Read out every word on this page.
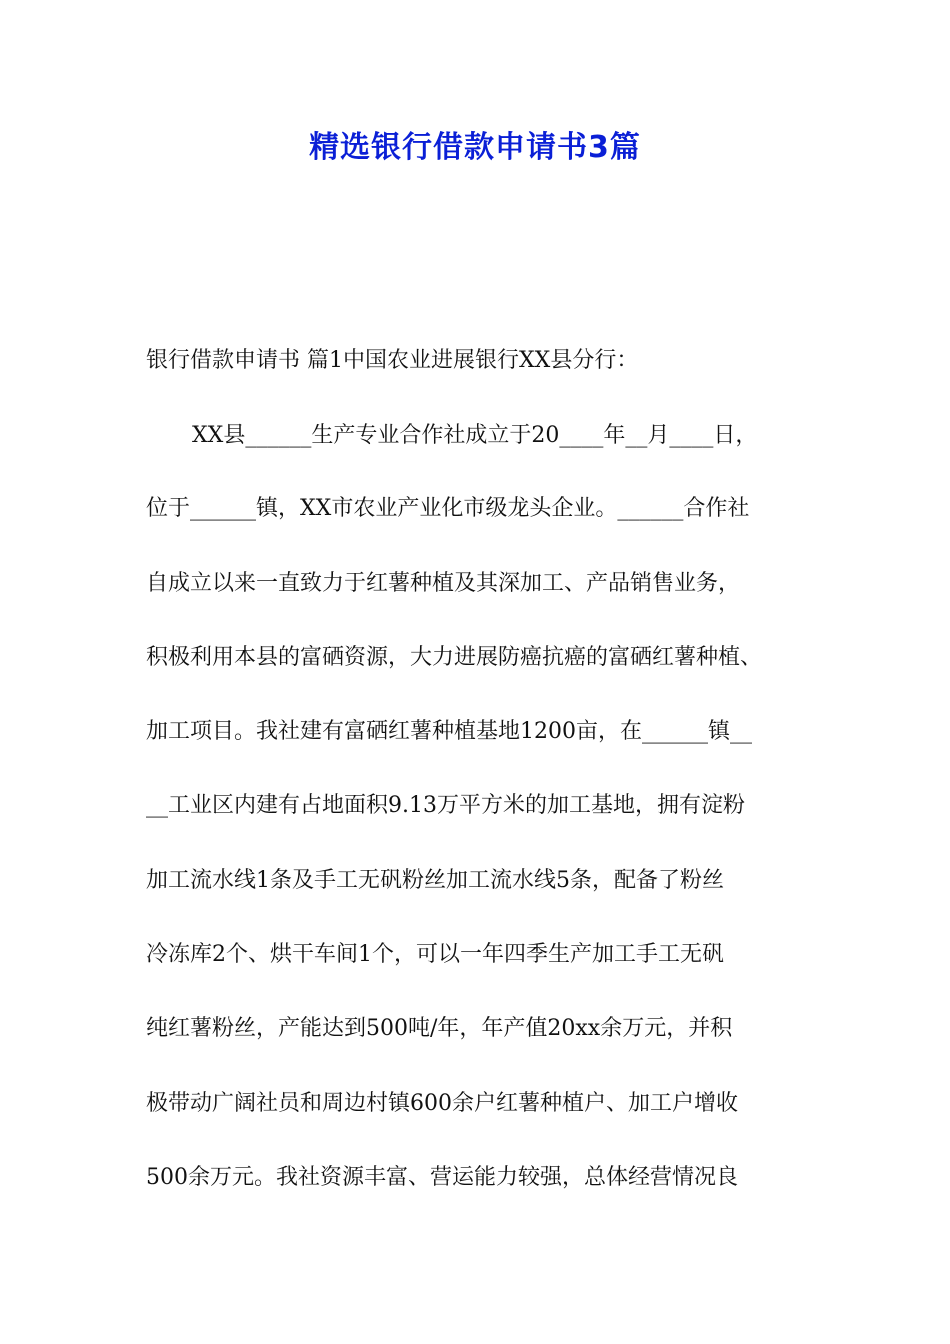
精选银行借款申请书3篇

银行借款申请书 篇1中国农业进展银行XX县分行：

XX县______生产专业合作社成立于20____年__月____日，

位于______镇，XX市农业产业化市级龙头企业。______合作社

自成立以来一直致力于红薯种植及其深加工、产品销售业务，

积极利用本县的富硒资源，大力进展防癌抗癌的富硒红薯种植、

加工项目。我社建有富硒红薯种植基地1200亩，在______镇__

__工业区内建有占地面积9.13万平方米的加工基地，拥有淀粉

加工流水线1条及手工无矾粉丝加工流水线5条，配备了粉丝

冷冻库2个、烘干车间1个，可以一年四季生产加工手工无矾

纯红薯粉丝，产能达到500吨/年，年产值20xx余万元，并积

极带动广阔社员和周边村镇600余户红薯种植户、加工户增收

500余万元。我社资源丰富、营运能力较强，总体经营情况良
